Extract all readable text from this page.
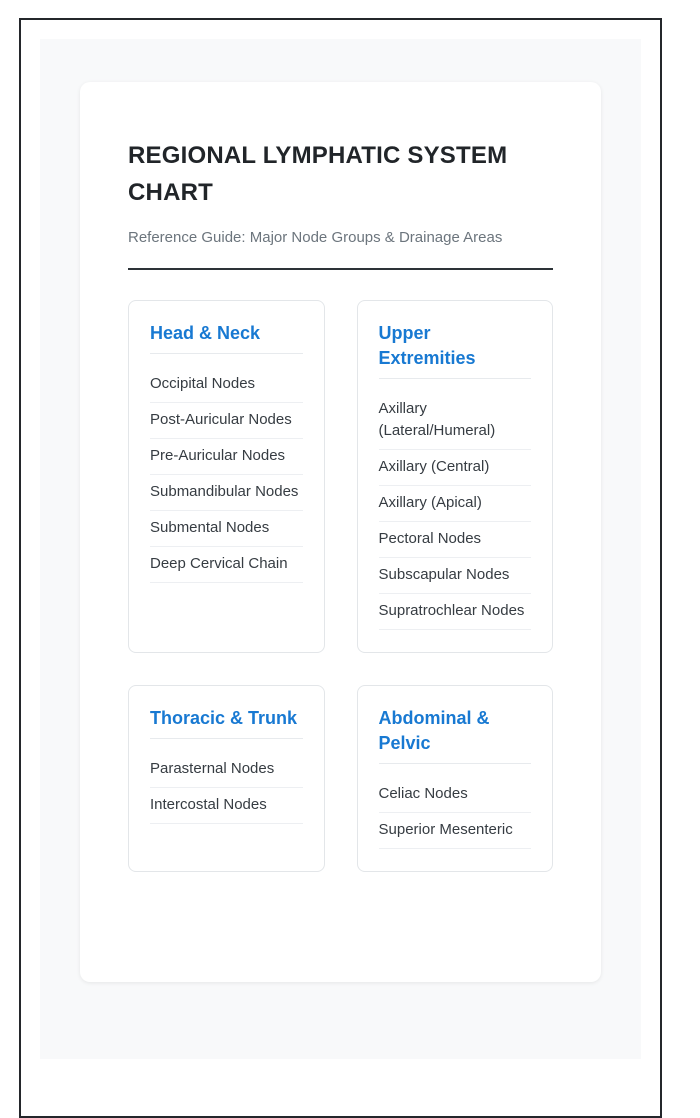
REGIONAL LYMPHATIC SYSTEM CHART

Reference Guide: Major Node Groups & Drainage Areas

Head & Neck
Occipital Nodes
Post-Auricular Nodes
Pre-Auricular Nodes
Submandibular Nodes
Submental Nodes
Deep Cervical Chain
Upper Extremities
Axillary (Lateral/Humeral)
Axillary (Central)
Axillary (Apical)
Pectoral Nodes
Subscapular Nodes
Supratrochlear Nodes
Thoracic & Trunk
Parasternal Nodes
Intercostal Nodes
Abdominal & Pelvic
Celiac Nodes
Superior Mesenteric
